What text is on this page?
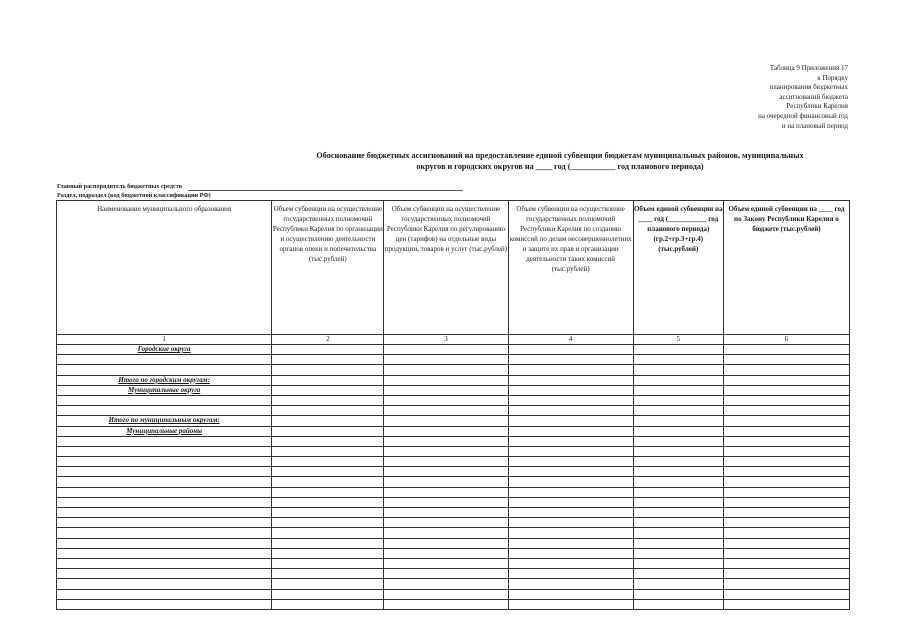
Таблица 9 Приложения 17
к Порядку
планирования бюджетных
ассигнований бюджета
Республики Карелия
на очередной финансовый год
и на плановый период
Обоснование бюджетных ассигнований на предоставление единой субвенции бюджетам муниципальных районов, муниципальных
округов и городских округов на ____ год (___________ год планового периода)
Главный распорядитель бюджетных средств
Раздел, подраздел (код бюджетной классификации РФ)
Наименование муниципального образования	Объем субвенции на осуществление государственных полномочий Республики Карелия по организации и осуществлению деятельности органов опеки и попечительства (тыс.рублей)	Объем субвенции на осуществление государственных полномочий Республики Карелия по регулированию цен (тарифов) на отдельные виды продукции, товаров и услуг (тыс.рублей)	Объем субвенции на осуществление государственных полномочий Республики Карелия по созданию комиссий по делам несовершеннолетних и защите их прав и организации деятельности таких комиссий (тыс.рублей)	Объем единой субвенции на ____ год (___________ год планового периода) (гр.2+гр.3+гр.4) (тыс.рублей)	Объем единой субвенции на ____ год по Закону Республики Карелия о бюджете (тыс.рублей)
1	2	3	4	5	6
Городские округа					

Итого по городским округам:					
Муниципальные округа					

Итого по муниципальным округам:					
Муниципальные районы					
